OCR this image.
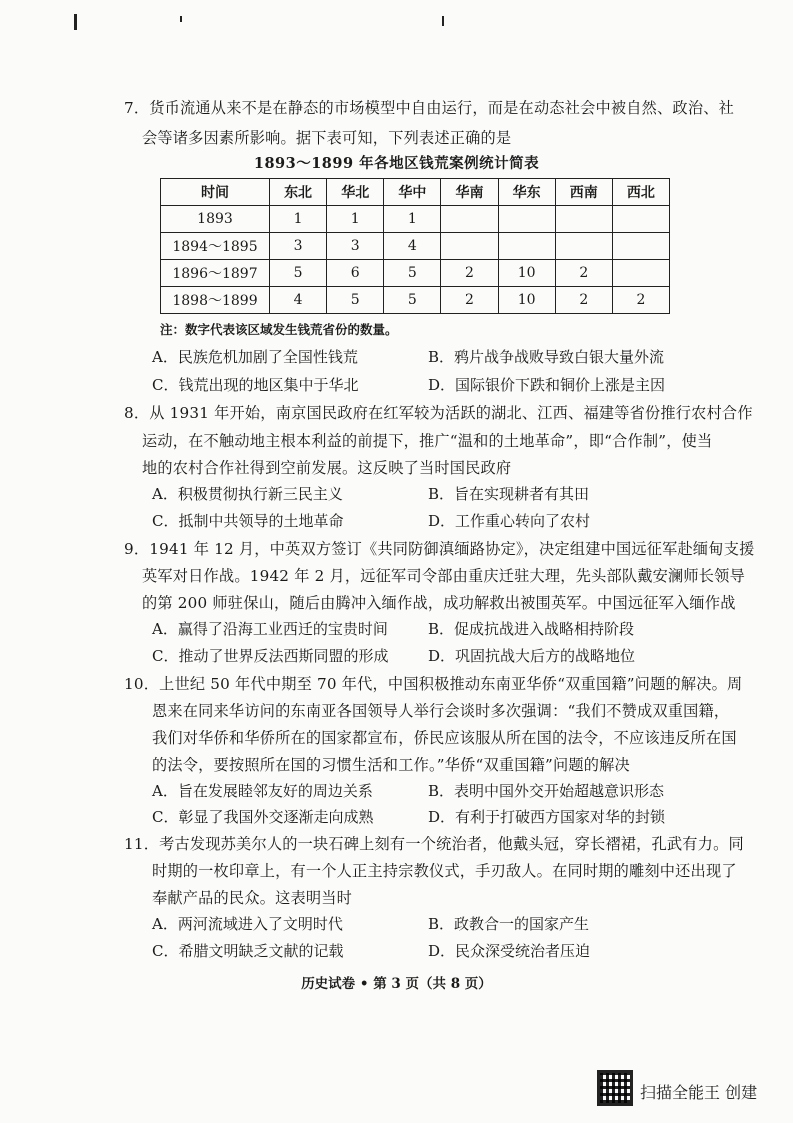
7．货币流通从来不是在静态的市场模型中自由运行，而是在动态社会中被自然、政治、社
会等诸多因素所影响。据下表可知，下列表述正确的是
1893～1899 年各地区钱荒案例统计简表
时间	东北	华北	华中	华南	华东	西南	西北
1893	1	1	1				
1894～1895	3	3	4				
1896～1897	5	6	5	2	10	2	
1898～1899	4	5	5	2	10	2	2
注：数字代表该区域发生钱荒省份的数量。
A．民族危机加剧了全国性钱荒	B．鸦片战争战败导致白银大量外流
C．钱荒出现的地区集中于华北	D．国际银价下跌和铜价上涨是主因
8．从 1931 年开始，南京国民政府在红军较为活跃的湖北、江西、福建等省份推行农村合作
运动，在不触动地主根本利益的前提下，推广“温和的土地革命”，即“合作制”，使当
地的农村合作社得到空前发展。这反映了当时国民政府
A．积极贯彻执行新三民主义	B．旨在实现耕者有其田
C．抵制中共领导的土地革命	D．工作重心转向了农村
9．1941 年 12 月，中英双方签订《共同防御滇缅路协定》，决定组建中国远征军赴缅甸支援
英军对日作战。1942 年 2 月，远征军司令部由重庆迁驻大理，先头部队戴安澜师长领导
的第 200 师驻保山，随后由腾冲入缅作战，成功解救出被围英军。中国远征军入缅作战
A．赢得了沿海工业西迁的宝贵时间	B．促成抗战进入战略相持阶段
C．推动了世界反法西斯同盟的形成	D．巩固抗战大后方的战略地位
10．上世纪 50 年代中期至 70 年代，中国积极推动东南亚华侨“双重国籍”问题的解决。周
恩来在同来华访问的东南亚各国领导人举行会谈时多次强调：“我们不赞成双重国籍，
我们对华侨和华侨所在的国家都宣布，侨民应该服从所在国的法令，不应该违反所在国
的法令，要按照所在国的习惯生活和工作。”华侨“双重国籍”问题的解决
A．旨在发展睦邻友好的周边关系	B．表明中国外交开始超越意识形态
C．彰显了我国外交逐渐走向成熟	D．有利于打破西方国家对华的封锁
11．考古发现苏美尔人的一块石碑上刻有一个统治者，他戴头冠，穿长褶裙，孔武有力。同
时期的一枚印章上，有一个人正主持宗教仪式，手刃敌人。在同时期的雕刻中还出现了
奉献产品的民众。这表明当时
A．两河流域进入了文明时代	B．政教合一的国家产生
C．希腊文明缺乏文献的记载	D．民众深受统治者压迫
历史试卷 • 第 3 页（共 8 页）
扫描全能王 创建
